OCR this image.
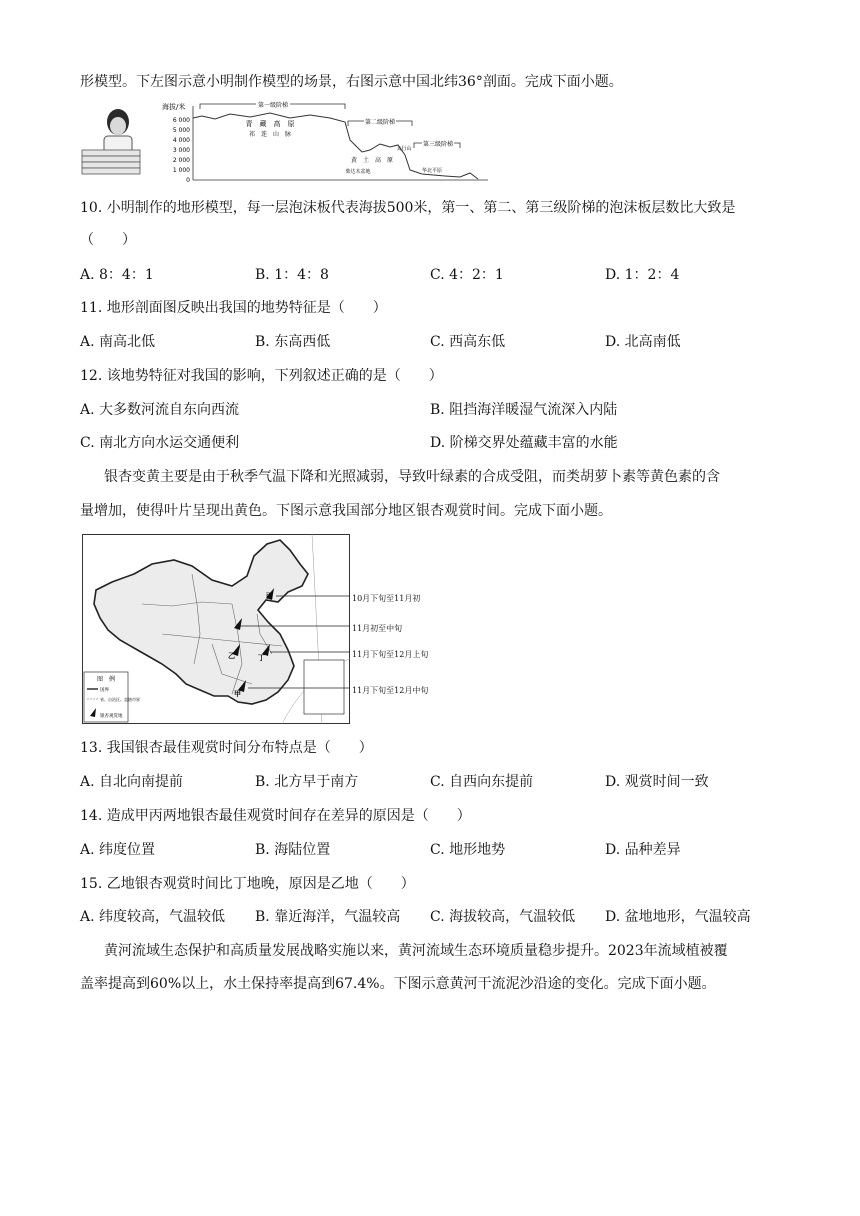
形模型。下左图示意小明制作模型的场景，右图示意中国北纬36°剖面。完成下面小题。
海拔/米
6 000
5 000
4 000
3 000
2 000
1 000
0
第一级阶梯
第二级阶梯
第三级阶梯
青　藏　高　原
祁　连　山　脉
黄　土　高　原
太行山
华北平原
柴达木盆地
10. 小明制作的地形模型，每一层泡沫板代表海拔500米，第一、第二、第三级阶梯的泡沫板层数比大致是
（　　）
A. 8：4：1	B. 1：4：8	C. 4：2：1	D. 1：2：4
11. 地形剖面图反映出我国的地势特征是（　　）
A. 南高北低	B. 东高西低	C. 西高东低	D. 北高南低
12. 该地势特征对我国的影响，下列叙述正确的是（　　）
A. 大多数河流自东向西流	B. 阻挡海洋暖湿气流深入内陆
C. 南北方向水运交通便利	D. 阶梯交界处蕴藏丰富的水能
银杏变黄主要是由于秋季气温下降和光照减弱，导致叶绿素的合成受阻，而类胡萝卜素等黄色素的含
量增加，使得叶片呈现出黄色。下图示意我国部分地区银杏观赏时间。完成下面小题。
丙
乙	丁
甲
图　例
国界
省、自治区、直辖市界
银杏观赏地
10月下旬至11月初
11月初至中旬
11月下旬至12月上旬
11月下旬至12月中旬
13. 我国银杏最佳观赏时间分布特点是（　　）
A. 自北向南提前	B. 北方早于南方	C. 自西向东提前	D. 观赏时间一致
14. 造成甲丙两地银杏最佳观赏时间存在差异的原因是（　　）
A. 纬度位置	B. 海陆位置	C. 地形地势	D. 品种差异
15. 乙地银杏观赏时间比丁地晚，原因是乙地（　　）
A. 纬度较高，气温较低 B. 靠近海洋，气温较高 C. 海拔较高，气温较低 D. 盆地地形，气温较高
黄河流域生态保护和高质量发展战略实施以来，黄河流域生态环境质量稳步提升。2023年流域植被覆
盖率提高到60%以上，水土保持率提高到67.4%。下图示意黄河干流泥沙沿途的变化。完成下面小题。
